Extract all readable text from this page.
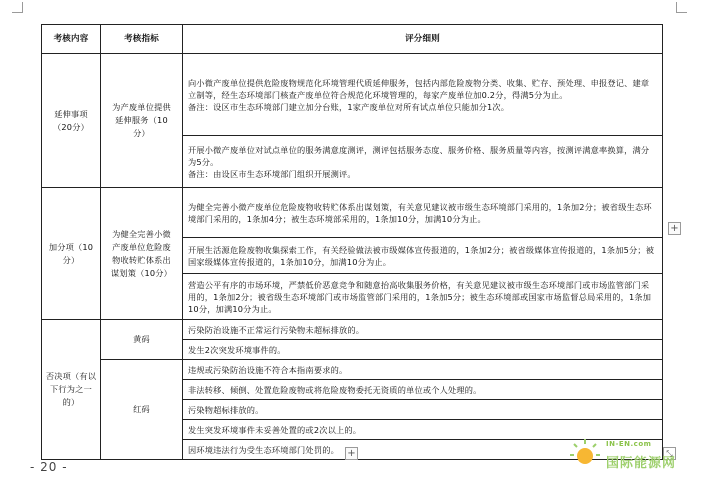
考核内容	考核指标	评分细则
延伸事项（20分）	为产废单位提供延伸服务（10分）	向小微产废单位提供危险废物规范化环境管理代质延伸服务，包括内部危险废物分类、收集、贮存、预处理、申报登记、建章立制等，经生态环境部门核查产废单位符合规范化环境管理的，每家产废单位加0.2分，得满5分为止。
备注：设区市生态环境部门建立加分台账，1家产废单位对所有试点单位只能加分1次。

		开展小微产废单位对试点单位的服务满意度测评，测评包括服务态度、服务价格、服务质量等内容，按测评满意率换算，满分为5分。
备注：由设区市生态环境部门组织开展测评。

加分项（10分）	为健全完善小微产废单位危险废物收转贮体系出谋划策（10分）	为健全完善小微产废单位危险废物收转贮体系出谋划策，有关意见建议被市级生态环境部门采用的，1条加2分；被省级生态环境部门采用的，1条加4分；被生态环境部采用的，1条加10分，加满10分为止。
		开展生活源危险废物收集探索工作，有关经验做法被市级媒体宣传报道的，1条加2分；被省级媒体宣传报道的，1条加5分；被国家级媒体宣传报道的，1条加10分，加满10分为止。
		营造公平有序的市场环境，严禁低价恶意竞争和随意抬高收集服务价格，有关意见建议被市级生态环境部门或市场监管部门采用的，1条加2分；被省级生态环境部门或市场监管部门采用的，1条加5分；被生态环境部或国家市场监督总局采用的，1条加10分，加满10分为止。
否决项（有以下行为之一的）	黄码	污染防治设施不正常运行污染物未超标排放的。
		发生2次突发环境事件的。
	红码	违规或污染防治设施不符合本指南要求的。
		非法转移、倾倒、处置危险废物或将危险废物委托无资质的单位或个人处理的。
		污染物超标排放的。
		发生突发环境事件未妥善处置的或2次以上的。
		因环境违法行为受生态环境部门处罚的。
+
+	⤡
- 20 -
IN-EN.com
国际能源网
